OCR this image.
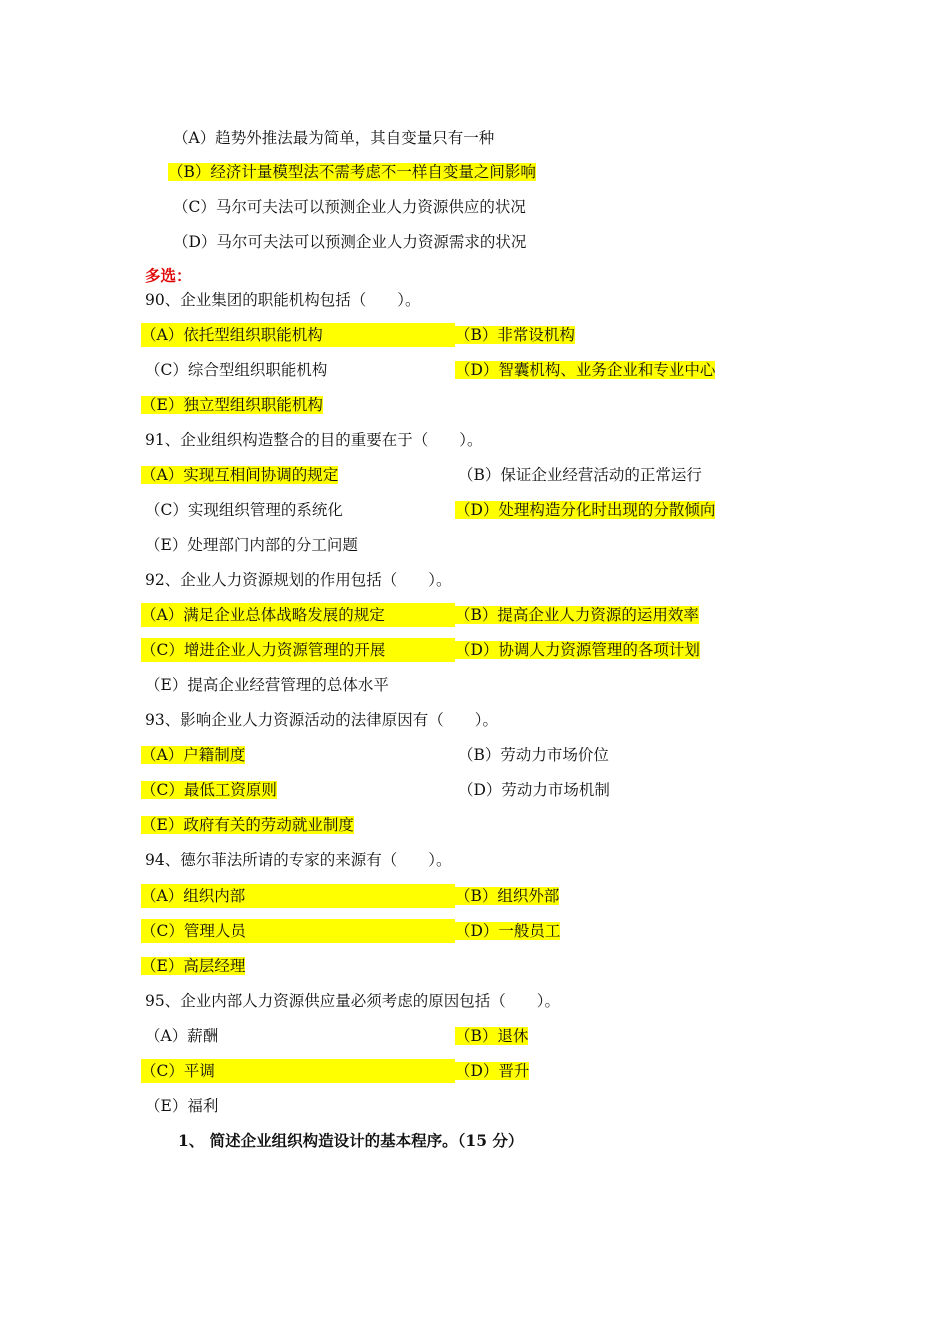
（A）趋势外推法最为简单，其自变量只有一种
（B）经济计量模型法不需考虑不一样自变量之间影响
（C）马尔可夫法可以预测企业人力资源供应的状况
（D）马尔可夫法可以预测企业人力资源需求的状况
多选：
90、企业集团的职能机构包括（　　）。
（A）依托型组织职能机构	（B）非常设机构
（C）综合型组织职能机构	（D）智囊机构、业务企业和专业中心
（E）独立型组织职能机构
91、企业组织构造整合的目的重要在于（　　）。
（A）实现互相间协调的规定	（B）保证企业经营活动的正常运行
（C）实现组织管理的系统化	（D）处理构造分化时出现的分散倾向
（E）处理部门内部的分工问题
92、企业人力资源规划的作用包括（　　）。
（A）满足企业总体战略发展的规定	（B）提高企业人力资源的运用效率
（C）增进企业人力资源管理的开展	（D）协调人力资源管理的各项计划
（E）提高企业经营管理的总体水平
93、影响企业人力资源活动的法律原因有（　　）。
（A）户籍制度	（B）劳动力市场价位
（C）最低工资原则	（D）劳动力市场机制
（E）政府有关的劳动就业制度
94、德尔菲法所请的专家的来源有（　　）。
（A）组织内部	（B）组织外部
（C）管理人员	（D）一般员工
（E）高层经理
95、企业内部人力资源供应量必须考虑的原因包括（　　）。
（A）薪酬	（B）退休
（C）平调	（D）晋升
（E）福利
1、 简述企业组织构造设计的基本程序。（15 分）
